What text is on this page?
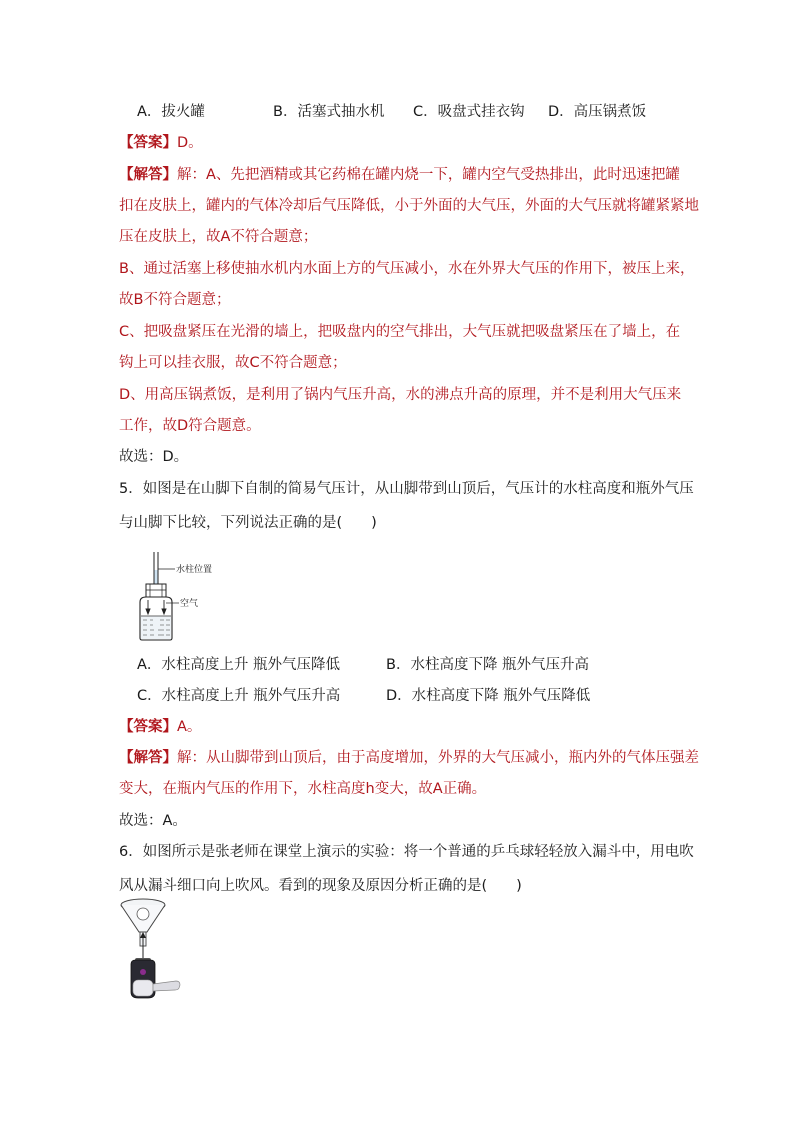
A．拔火罐	B．活塞式抽水机 C．吸盘式挂衣钩 D．高压锅煮饭
【答案】D。
【解答】解：A、先把酒精或其它药棉在罐内烧一下，罐内空气受热排出，此时迅速把罐
扣在皮肤上，罐内的气体冷却后气压降低，小于外面的大气压，外面的大气压就将罐紧紧地
压在皮肤上，故A不符合题意；
B、通过活塞上移使抽水机内水面上方的气压减小，水在外界大气压的作用下，被压上来，
故B不符合题意；
C、把吸盘紧压在光滑的墙上，把吸盘内的空气排出，大气压就把吸盘紧压在了墙上，在
钩上可以挂衣服，故C不符合题意；
D、用高压锅煮饭，是利用了锅内气压升高，水的沸点升高的原理，并不是利用大气压来
工作，故D符合题意。
故选：D。
5．如图是在山脚下自制的简易气压计，从山脚带到山顶后，气压计的水柱高度和瓶外气压
与山脚下比较，下列说法正确的是(　　)
水柱位置
空气
A．水柱高度上升 瓶外气压降低	B．水柱高度下降 瓶外气压升高
C．水柱高度上升 瓶外气压升高	D．水柱高度下降 瓶外气压降低
【答案】A。
【解答】解：从山脚带到山顶后，由于高度增加，外界的大气压减小，瓶内外的气体压强差
变大，在瓶内气压的作用下，水柱高度h变大，故A正确。
故选：A。
6．如图所示是张老师在课堂上演示的实验：将一个普通的乒乓球轻轻放入漏斗中，用电吹
风从漏斗细口向上吹风。看到的现象及原因分析正确的是(　　)
